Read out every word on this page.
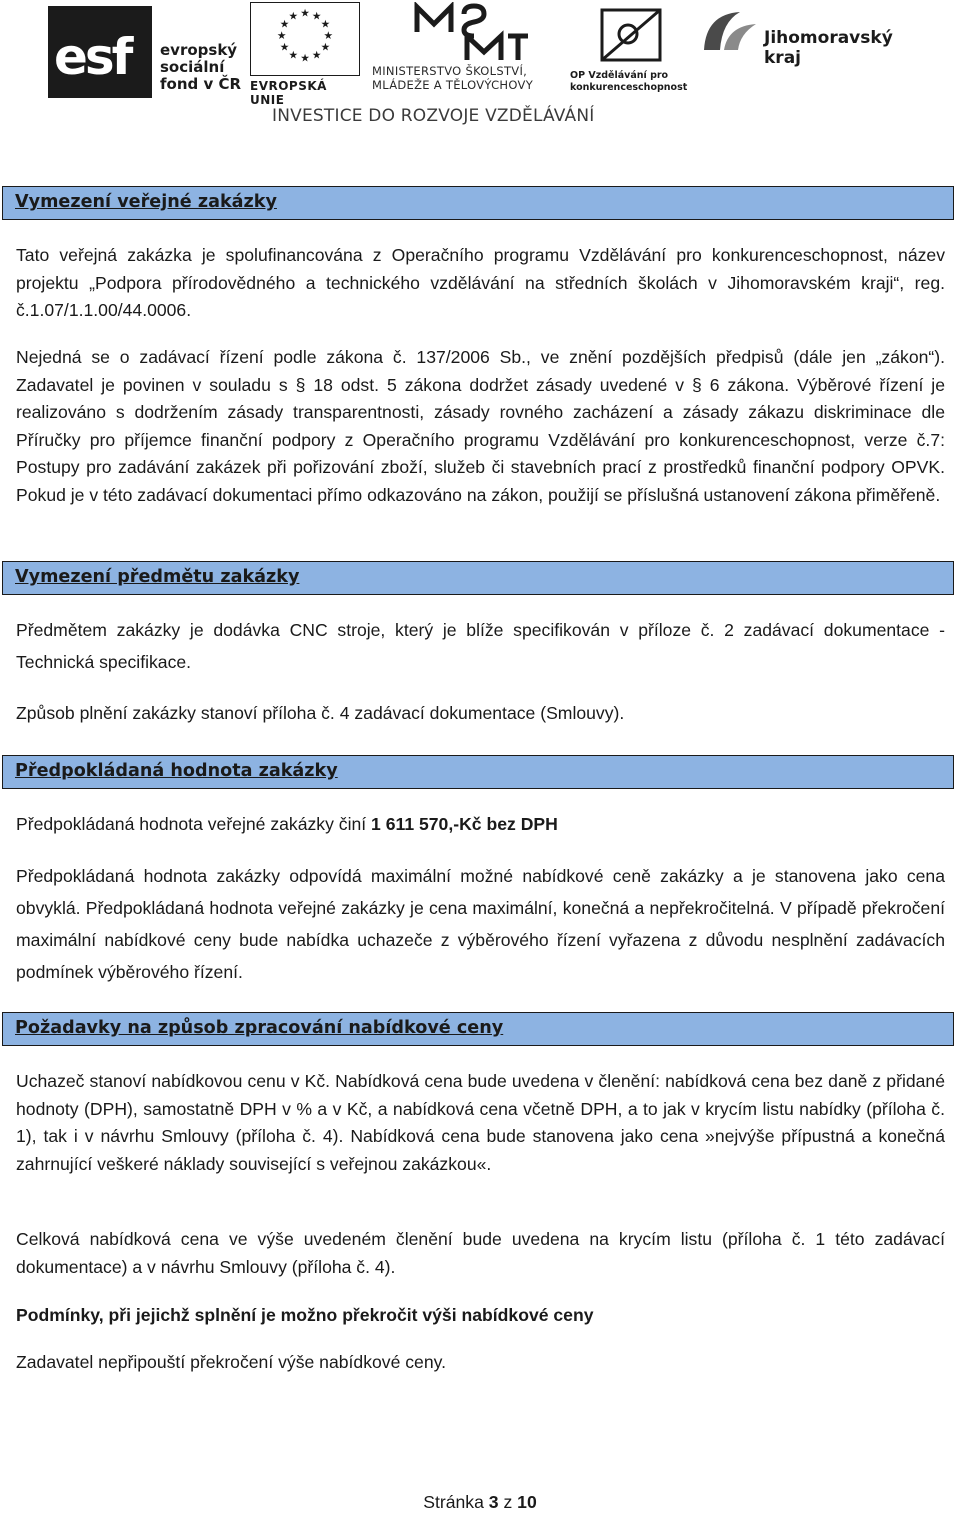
esf evropský sociální fond v ČR
★ ★
★
★
★
★
★
★
★
★
★
★
EVROPSKÁ UNIE
MINISTERSTVO ŠKOLSTVÍ, MLÁDEŽE A TĚLOVÝCHOVY
OP Vzdělávání pro konkurenceschopnost
Jihomoravský kraj
INVESTICE DO ROZVOJE VZDĚLÁVÁNÍ
Vymezení veřejné zakázky
Tato veřejná zakázka je spolufinancována z Operačního programu Vzdělávání pro konkurenceschopnost, název projektu „Podpora přírodovědného a technického vzdělávání na středních školách v Jihomoravském kraji“, reg. č.1.07/1.1.00/44.0006.
Nejedná se o zadávací řízení podle zákona č. 137/2006 Sb., ve znění pozdějších předpisů (dále jen „zákon“). Zadavatel je povinen v souladu s § 18 odst. 5 zákona dodržet zásady uvedené v § 6 zákona. Výběrové řízení je realizováno s dodržením zásady transparentnosti, zásady rovného zacházení a zásady zákazu diskriminace dle Příručky pro příjemce finanční podpory z Operačního programu Vzdělávání pro konkurenceschopnost, verze č.7: Postupy pro zadávání zakázek při pořizování zboží, služeb či stavebních prací z prostředků finanční podpory OPVK. Pokud je v této zadávací dokumentaci přímo odkazováno na zákon, použijí se příslušná ustanovení zákona přiměřeně.
Vymezení předmětu zakázky
Předmětem zakázky je dodávka CNC stroje, který je blíže specifikován v příloze č. 2 zadávací dokumentace - Technická specifikace.
Způsob plnění zakázky stanoví příloha č. 4 zadávací dokumentace (Smlouvy).
Předpokládaná hodnota zakázky
Předpokládaná hodnota veřejné zakázky činí 1 611 570,-Kč bez DPH
Předpokládaná hodnota zakázky odpovídá maximální možné nabídkové ceně zakázky a je stanovena jako cena obvyklá. Předpokládaná hodnota veřejné zakázky je cena maximální, konečná a nepřekročitelná. V případě překročení maximální nabídkové ceny bude nabídka uchazeče z výběrového řízení vyřazena z důvodu nesplnění zadávacích podmínek výběrového řízení.
Požadavky na způsob zpracování nabídkové ceny
Uchazeč stanoví nabídkovou cenu v Kč. Nabídková cena bude uvedena v členění: nabídková cena bez daně z přidané hodnoty (DPH), samostatně DPH v % a v Kč, a nabídková cena včetně DPH, a to jak v krycím listu nabídky (příloha č. 1), tak i v návrhu Smlouvy (příloha č. 4). Nabídková cena bude stanovena jako cena »nejvýše přípustná a konečná zahrnující veškeré náklady související s veřejnou zakázkou«.
Celková nabídková cena ve výše uvedeném členění bude uvedena na krycím listu (příloha č. 1 této zadávací dokumentace) a v návrhu Smlouvy (příloha č. 4).
Podmínky, při jejichž splnění je možno překročit výši nabídkové ceny
Zadavatel nepřipouští překročení výše nabídkové ceny.
Stránka 3 z 10
